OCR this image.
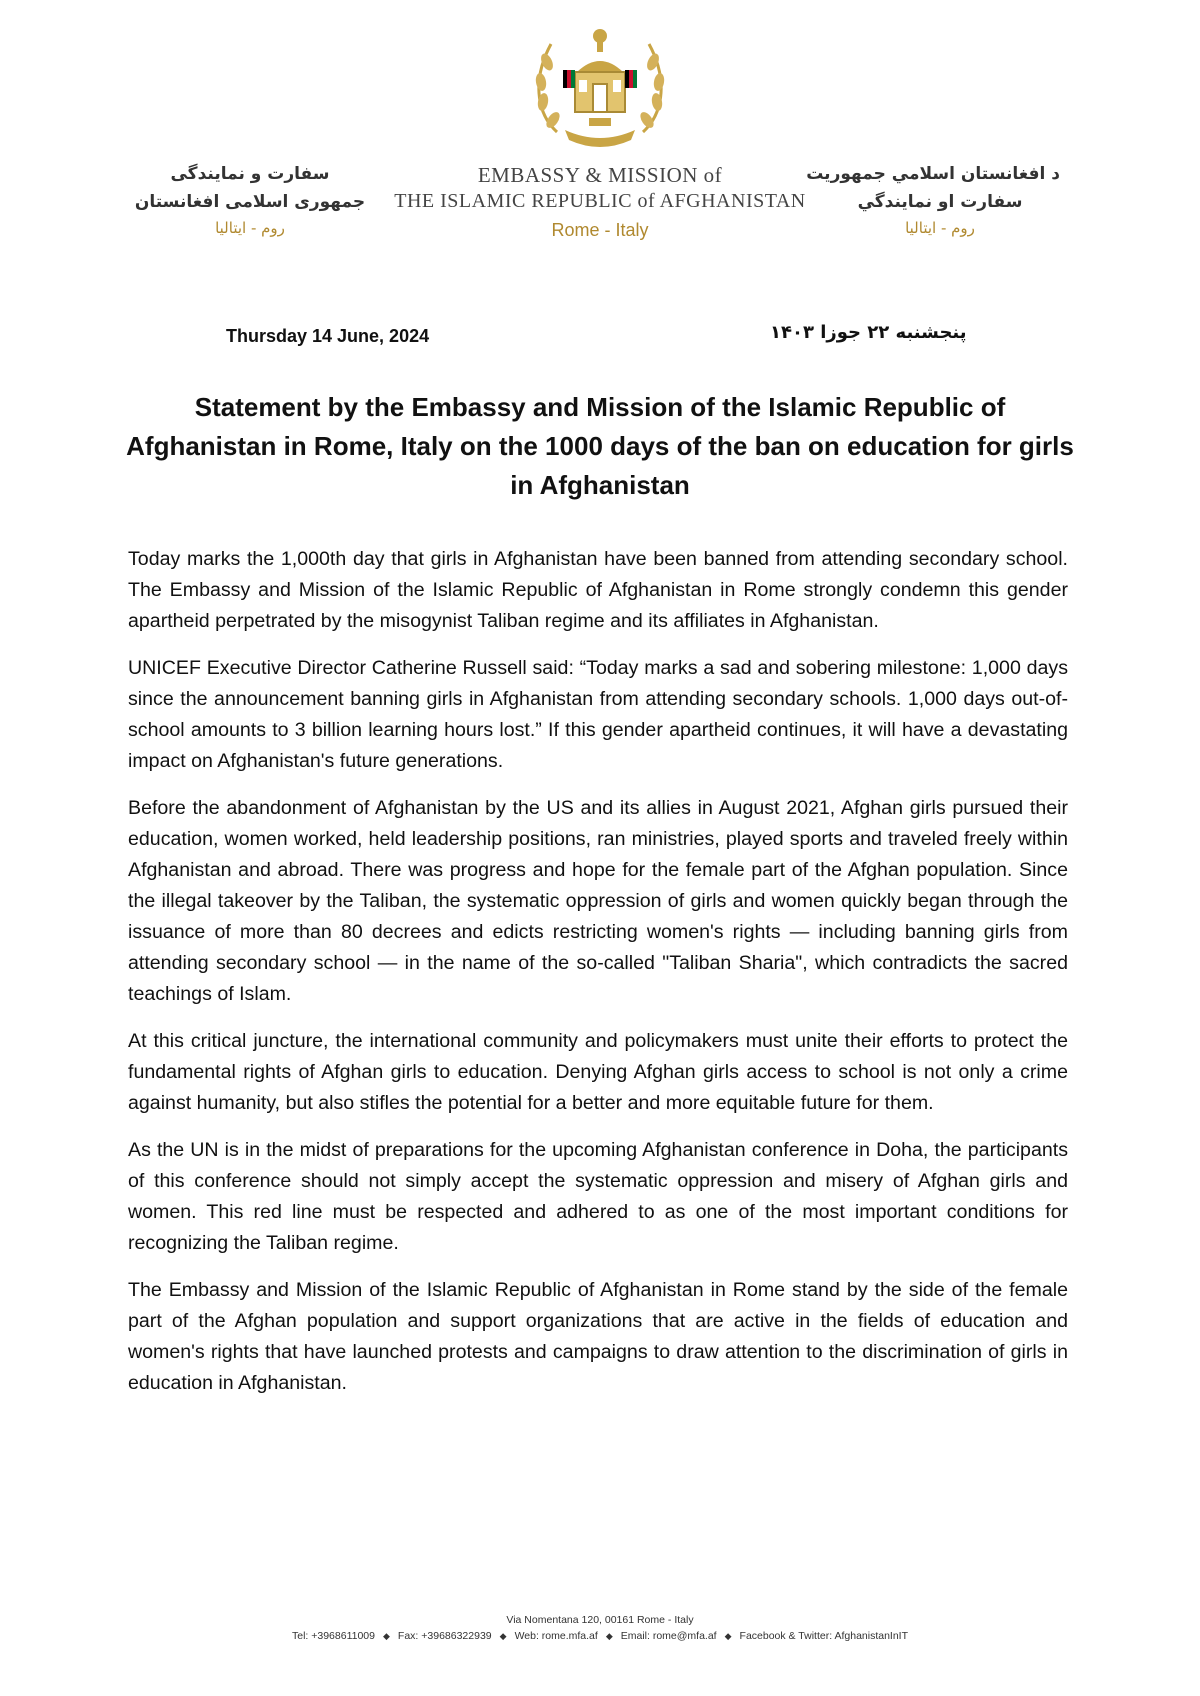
سفارت و نمایندگی
جمهوری اسلامی افغانستان
روم - ایتالیا
EMBASSY & MISSION of
THE ISLAMIC REPUBLIC of AFGHANISTAN
Rome - Italy
د افغانستان اسلامي جمهوريت
سفارت او نمايندگي
روم - ایتالیا
Thursday 14 June, 2024	پنجشنبه ۲۲ جوزا ۱۴۰۳
Statement by the Embassy and Mission of the Islamic Republic of Afghanistan in Rome, Italy on the 1000 days of the ban on education for girls in Afghanistan

Today marks the 1,000th day that girls in Afghanistan have been banned from attending secondary school. The Embassy and Mission of the Islamic Republic of Afghanistan in Rome strongly condemn this gender apartheid perpetrated by the misogynist Taliban regime and its affiliates in Afghanistan.

UNICEF Executive Director Catherine Russell said: “Today marks a sad and sobering milestone: 1,000 days since the announcement banning girls in Afghanistan from attending secondary schools. 1,000 days out-of-school amounts to 3 billion learning hours lost.” If this gender apartheid continues, it will have a devastating impact on Afghanistan's future generations.

Before the abandonment of Afghanistan by the US and its allies in August 2021, Afghan girls pursued their education, women worked, held leadership positions, ran ministries, played sports and traveled freely within Afghanistan and abroad. There was progress and hope for the female part of the Afghan population. Since the illegal takeover by the Taliban, the systematic oppression of girls and women quickly began through the issuance of more than 80 decrees and edicts restricting women's rights — including banning girls from attending secondary school — in the name of the so-called "Taliban Sharia", which contradicts the sacred teachings of Islam.

At this critical juncture, the international community and policymakers must unite their efforts to protect the fundamental rights of Afghan girls to education. Denying Afghan girls access to school is not only a crime against humanity, but also stifles the potential for a better and more equitable future for them.

As the UN is in the midst of preparations for the upcoming Afghanistan conference in Doha, the participants of this conference should not simply accept the systematic oppression and misery of Afghan girls and women. This red line must be respected and adhered to as one of the most important conditions for recognizing the Taliban regime.

The Embassy and Mission of the Islamic Republic of Afghanistan in Rome stand by the side of the female part of the Afghan population and support organizations that are active in the fields of education and women's rights that have launched protests and campaigns to draw attention to the discrimination of girls in education in Afghanistan.

Via Nomentana 120, 00161 Rome - Italy
Tel: +3968611009 ◆ Fax: +39686322939 ◆ Web: rome.mfa.af ◆ Email: rome@mfa.af ◆ Facebook & Twitter: AfghanistanInIT
